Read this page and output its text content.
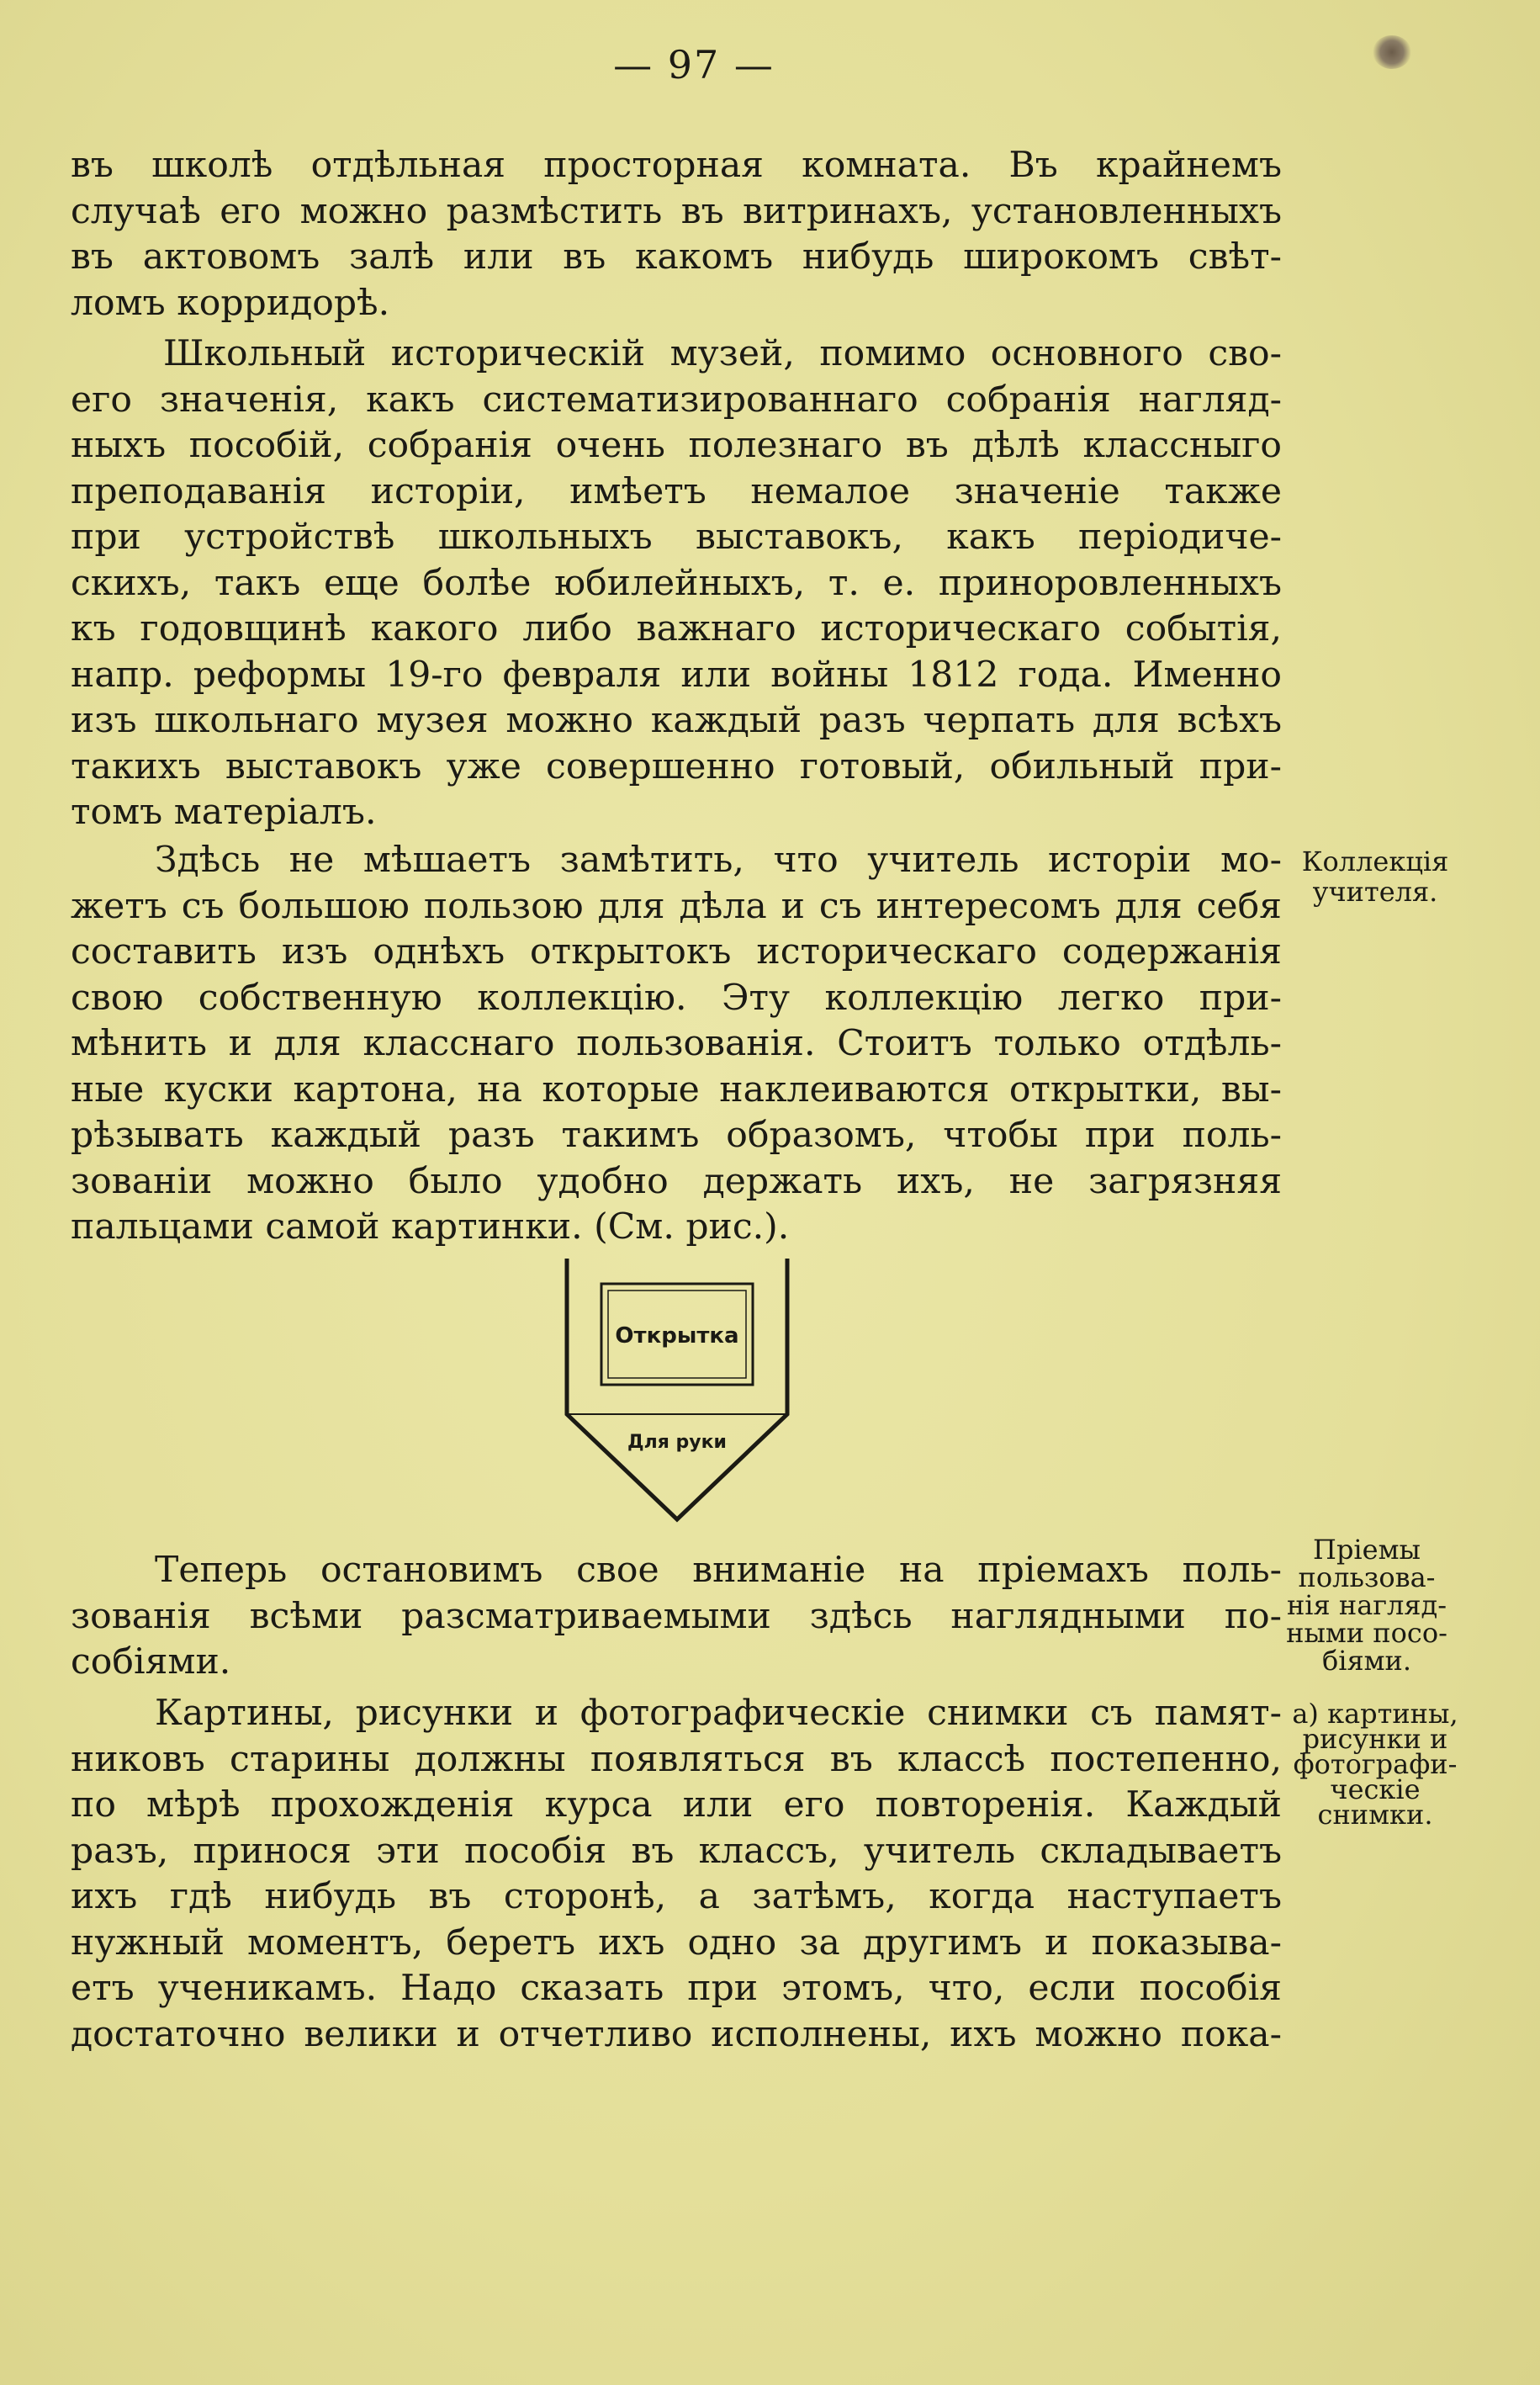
— 97 —
въ школѣ отдѣльная просторная комната. Въ крайнемъ
случаѣ его можно размѣстить въ витринахъ, установленныхъ
въ актовомъ залѣ или въ какомъ нибудь широкомъ свѣт-
ломъ корридорѣ.
Школьный историческій музей, помимо основного сво-
его значенія, какъ систематизированнаго собранія нагляд-
ныхъ пособій, собранія очень полезнаго въ дѣлѣ классныго
преподаванія исторіи, имѣетъ немалое значеніе также
при устройствѣ школьныхъ выставокъ, какъ періодиче-
скихъ, такъ еще болѣе юбилейныхъ, т. е. приноровленныхъ
къ годовщинѣ какого либо важнаго историческаго событія,
напр. реформы 19-го февраля или войны 1812 года. Именно
изъ школьнаго музея можно каждый разъ черпать для всѣхъ
такихъ выставокъ уже совершенно готовый, обильный при-
томъ матеріалъ.
Здѣсь не мѣшаетъ замѣтить, что учитель исторіи мо-
жетъ съ большою пользою для дѣла и съ интересомъ для себя
составить изъ однѣхъ открытокъ историческаго содержанія
свою собственную коллекцію. Эту коллекцію легко при-
мѣнить и для класснаго пользованія. Стоитъ только отдѣль-
ные куски картона, на которые наклеиваются открытки, вы-
рѣзывать каждый разъ такимъ образомъ, чтобы при поль-
зованіи можно было удобно держать ихъ, не загрязняя
пальцами самой картинки. (См. рис.).
Открытка
Для руки
Теперь остановимъ свое вниманіе на пріемахъ поль-
зованія всѣми разсматриваемыми здѣсь наглядными по-
собіями.
Картины, рисунки и фотографическіе снимки съ памят-
никовъ старины должны появляться въ классѣ постепенно,
по мѣрѣ прохожденія курса или его повторенія. Каждый
разъ, принося эти пособія въ классъ, учитель складываетъ
ихъ гдѣ нибудь въ сторонѣ, а затѣмъ, когда наступаетъ
нужный моментъ, беретъ ихъ одно за другимъ и показыва-
етъ ученикамъ. Надо сказать при этомъ, что, если пособія
достаточно велики и отчетливо исполнены, ихъ можно пока-
Коллекція
учителя.
Пріемы
пользова-
нія нагляд-
ными посо-
біями.
а) картины,
рисунки и
фотографи-
ческіе
снимки.
